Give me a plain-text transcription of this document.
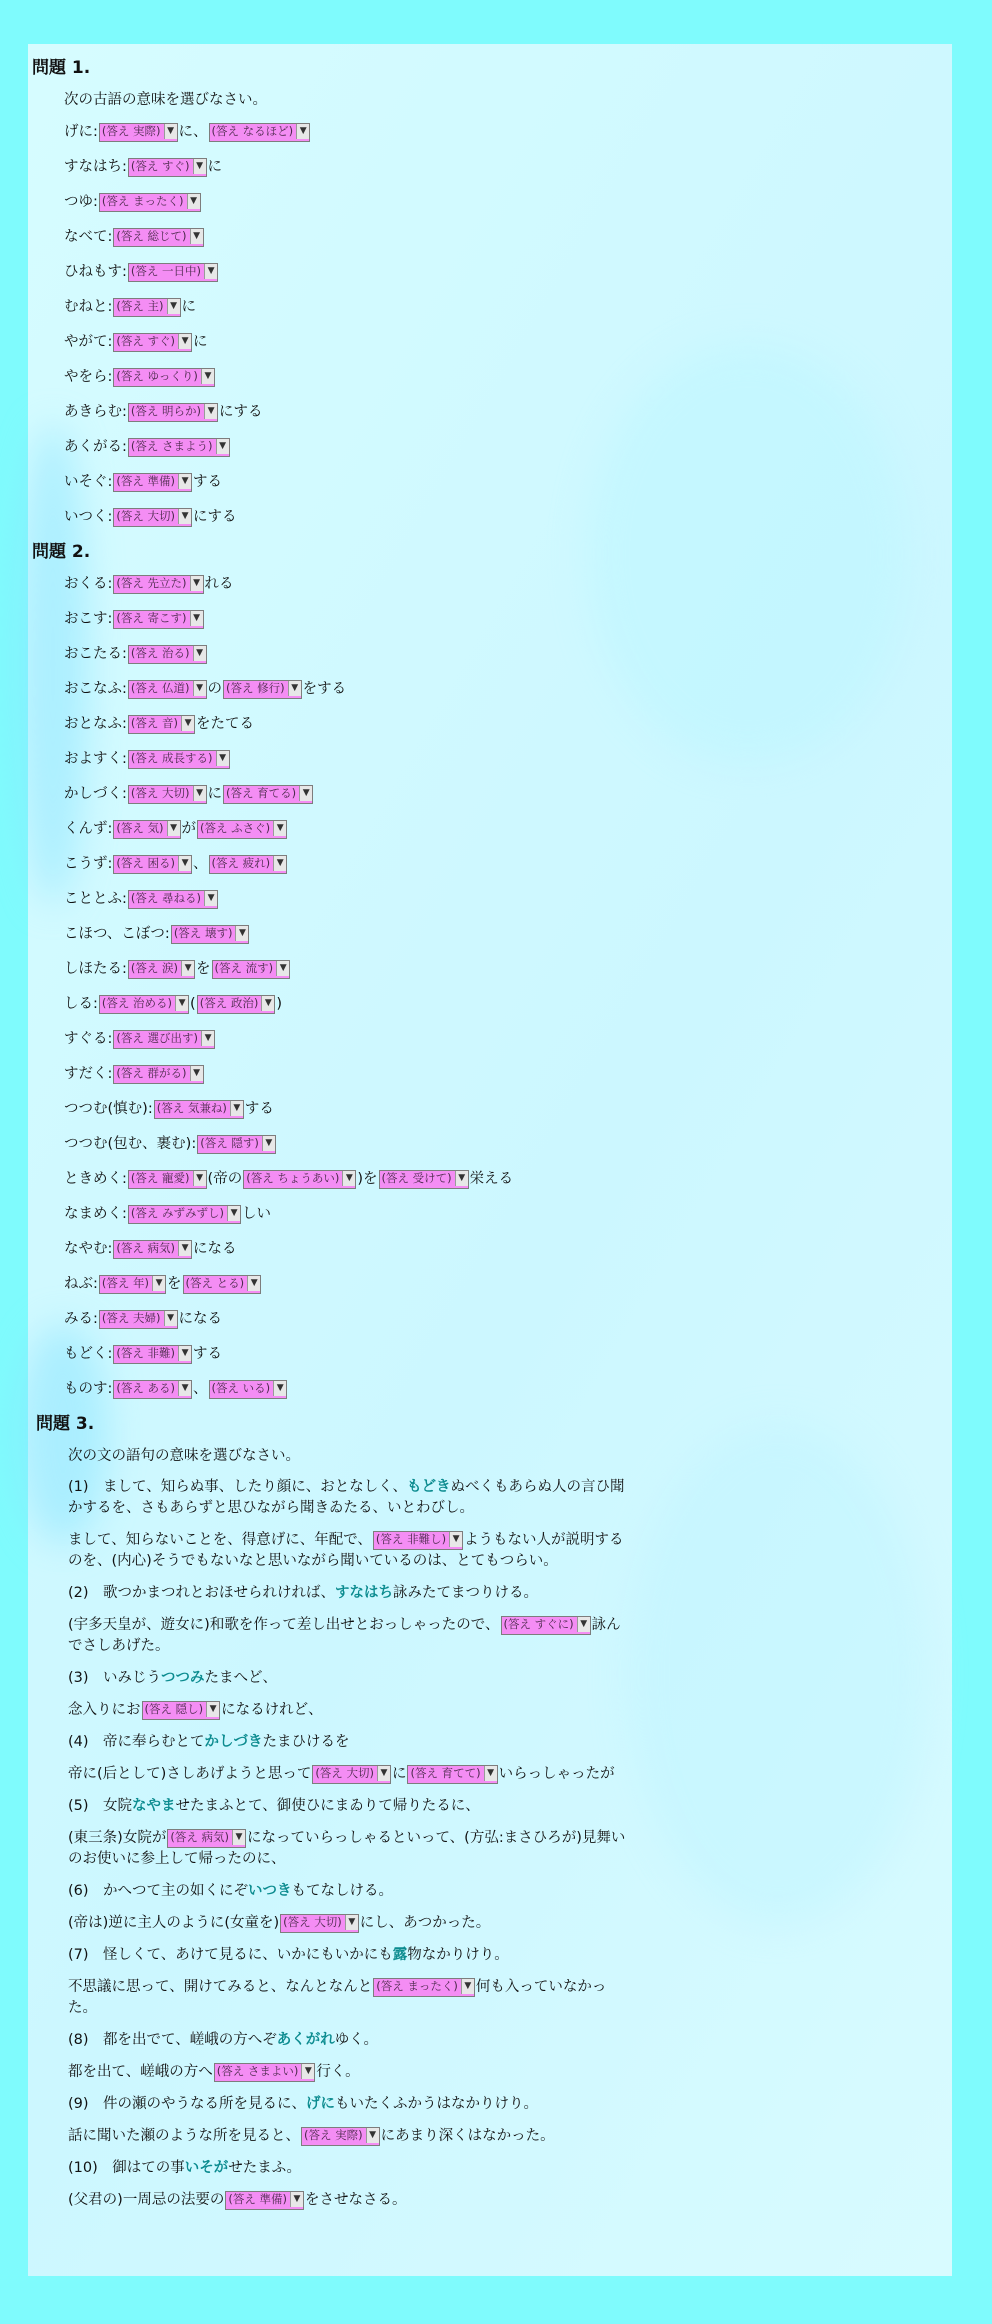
問題 1.
次の古語の意味を選びなさい。
げに: (答え 実際) ▼ に、 (答え なるほど) ▼
すなはち: (答え すぐ) ▼ に
つゆ: (答え まったく) ▼
なべて: (答え 総じて) ▼
ひねもす: (答え 一日中) ▼
むねと: (答え 主) ▼ に
やがて: (答え すぐ) ▼ に
やをら: (答え ゆっくり) ▼
あきらむ: (答え 明らか) ▼ にする
あくがる: (答え さまよう) ▼
いそぐ: (答え 準備) ▼ する
いつく: (答え 大切) ▼ にする
問題 2.
おくる: (答え 先立た) ▼ れる
おこす: (答え 寄こす) ▼
おこたる: (答え 治る) ▼
おこなふ: (答え 仏道) ▼ の (答え 修行) ▼ をする
おとなふ: (答え 音) ▼ をたてる
およすく: (答え 成長する) ▼
かしづく: (答え 大切) ▼ に (答え 育てる) ▼
くんず: (答え 気) ▼ が (答え ふさぐ) ▼
こうず: (答え 困る) ▼ 、 (答え 疲れ) ▼
こととふ: (答え 尋ねる) ▼
こほつ、こぼつ: (答え 壊す) ▼
しほたる: (答え 涙) ▼ を (答え 流す) ▼
しる: (答え 治める) ▼ ( (答え 政治) ▼ )
すぐる: (答え 選び出す) ▼
すだく: (答え 群がる) ▼
つつむ(慎む): (答え 気兼ね) ▼ する
つつむ(包む、裹む): (答え 隠す) ▼
ときめく: (答え 寵愛) ▼ (帝の (答え ちょうあい) ▼ )を (答え 受けて) ▼ 栄える
なまめく: (答え みずみずし) ▼ しい
なやむ: (答え 病気) ▼ になる
ねぶ: (答え 年) ▼ を (答え とる) ▼
みる: (答え 夫婦) ▼ になる
もどく: (答え 非難) ▼ する
ものす: (答え ある) ▼ 、 (答え いる) ▼
問題 3.
次の文の語句の意味を選びなさい。
(1)　まして、知らぬ事、したり顔に、おとなしく、もどきぬべくもあらぬ人の言ひ聞かするを、さもあらずと思ひながら聞きゐたる、いとわびし。
まして、知らないことを、得意げに、年配で、 (答え 非難し) ▼ ようもない人が説明するのを、(内心)そうでもないなと思いながら聞いているのは、とてもつらい。
(2)　歌つかまつれとおほせられければ、すなはち詠みたてまつりける。
(宇多天皇が、遊女に)和歌を作って差し出せとおっしゃったので、 (答え すぐに) ▼ 詠んでさしあげた。
(3)　いみじうつつみたまへど、
念入りにお (答え 隠し) ▼ になるけれど、
(4)　帝に奉らむとてかしづきたまひけるを
帝に(后として)さしあげようと思って (答え 大切) ▼ に (答え 育てて) ▼ いらっしゃったが
(5)　女院なやませたまふとて、御使ひにまゐりて帰りたるに、
(東三条)女院が (答え 病気) ▼ になっていらっしゃるといって、(方弘:まさひろが)見舞いのお使いに参上して帰ったのに、
(6)　かへつて主の如くにぞいつきもてなしける。
(帝は)逆に主人のように(女童を) (答え 大切) ▼ にし、あつかった。
(7)　怪しくて、あけて見るに、いかにもいかにも露物なかりけり。
不思議に思って、開けてみると、なんとなんと (答え まったく) ▼ 何も入っていなかった。
(8)　都を出でて、嵯峨の方へぞあくがれゆく。
都を出て、嵯峨の方へ (答え さまよい) ▼ 行く。
(9)　件の瀬のやうなる所を見るに、げにもいたくふかうはなかりけり。
話に聞いた瀬のような所を見ると、 (答え 実際) ▼ にあまり深くはなかった。
(10)　御はての事いそがせたまふ。
(父君の)一周忌の法要の (答え 準備) ▼ をさせなさる。
